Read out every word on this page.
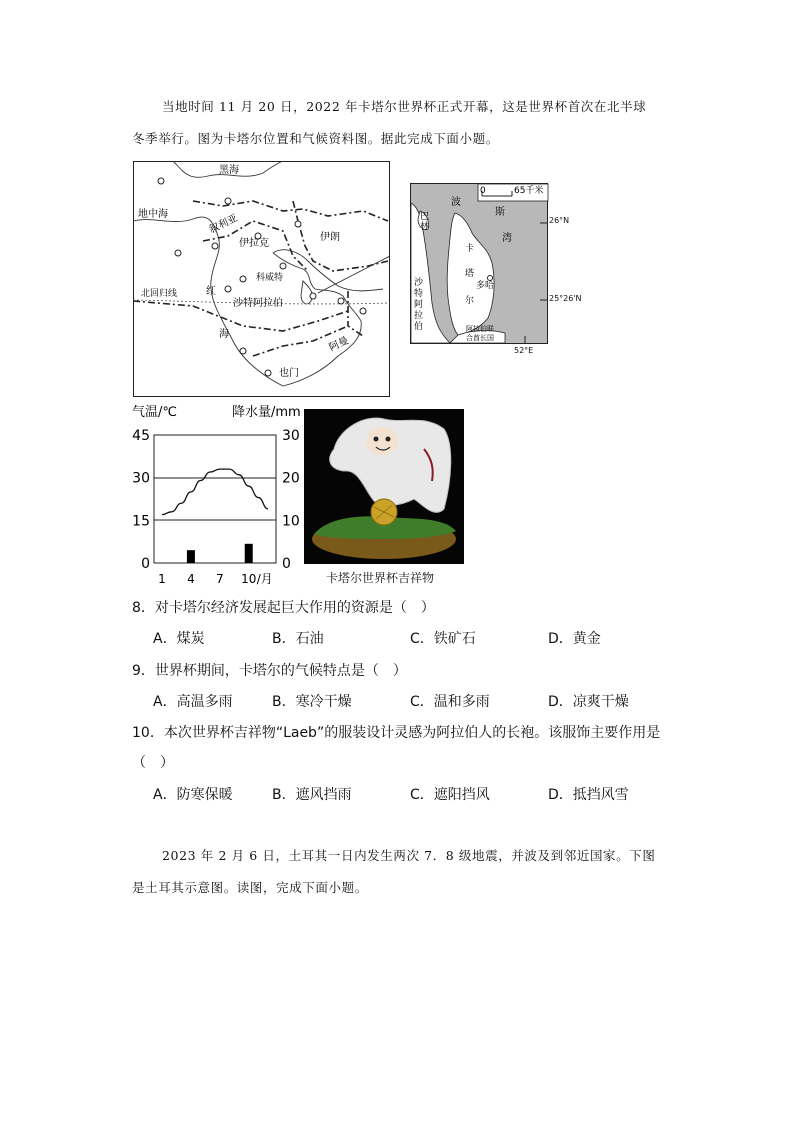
当地时间 11 月 20 日，2022 年卡塔尔世界杯正式开幕，这是世界杯首次在北半球
冬季举行。图为卡塔尔位置和气候资料图。据此完成下面小题。
黑海
地中海	叙利亚
伊拉克
伊朗
科威特
北回归线
沙特阿拉伯
红
海
阿曼
也门
0	65千米
波
斯
湾
巴
林
卡
塔
尔
多哈
沙
特
阿
拉
伯	阿拉伯联
合酋长国
26°N
25°26'N
52°E
气温/℃	降水量/mm
45
30
15
0
30
20
10
0
1 4 7 10 /月	卡塔尔世界杯吉祥物
8．对卡塔尔经济发展起巨大作用的资源是（　）
A．煤炭	B．石油	C．铁矿石	D．黄金
9．世界杯期间，卡塔尔的气候特点是（　）
A．高温多雨	B．寒冷干燥	C．温和多雨	D．凉爽干燥
10．本次世界杯吉祥物“Laeb”的服装设计灵感为阿拉伯人的长袍。该服饰主要作用是
（　）
A．防寒保暖	B．遮风挡雨	C．遮阳挡风	D．抵挡风雪
2023 年 2 月 6 日，土耳其一日内发生两次 7．8 级地震，并波及到邻近国家。下图
是土耳其示意图。读图，完成下面小题。
